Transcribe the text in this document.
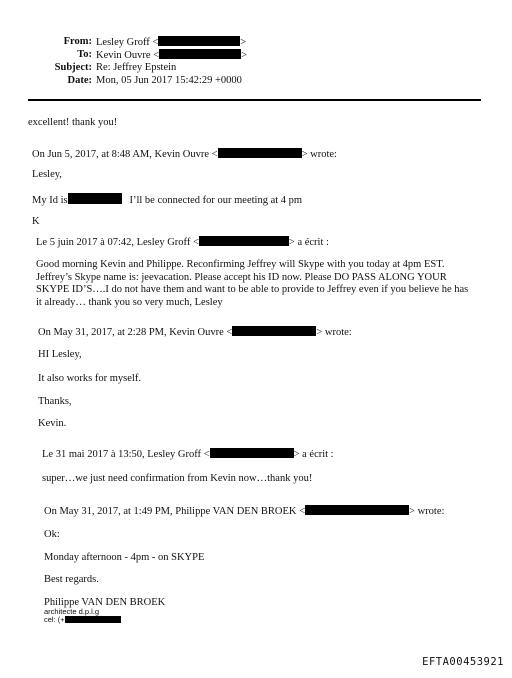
From: Lesley Groff <	>
To: Kevin Ouvre <	>
Subject: Re: Jeffrey Epstein
Date: Mon, 05 Jun 2017 15:42:29 +0000
excellent! thank you!
On Jun 5, 2017, at 8:48 AM, Kevin Ouvre <	> wrote:
Lesley,
My Id is	I’ll be connected for our meeting at 4 pm
K
Le 5 juin 2017 à 07:42, Lesley Groff <	> a écrit :
Good morning Kevin and Philippe. Reconfirming Jeffrey will Skype with you today at 4pm EST. Jeffrey’s Skype name is: jeevacation. Please accept his ID now. Please DO PASS ALONG YOUR SKYPE ID’S….I do not have them and want to be able to provide to Jeffrey even if you believe he has it already… thank you so very much, Lesley
On May 31, 2017, at 2:28 PM, Kevin Ouvre <	> wrote:
HI Lesley,
It also works for myself.
Thanks,
Kevin.
Le 31 mai 2017 à 13:50, Lesley Groff <	> a écrit :
super…we just need confirmation from Kevin now…thank you!
On May 31, 2017, at 1:49 PM, Philippe VAN DEN BROEK <	> wrote:
Ok:
Monday afternoon - 4pm - on SKYPE
Best regards.
Philippe VAN DEN BROEK
architecte d.p.l.g
cel: (+
EFTA00453921
